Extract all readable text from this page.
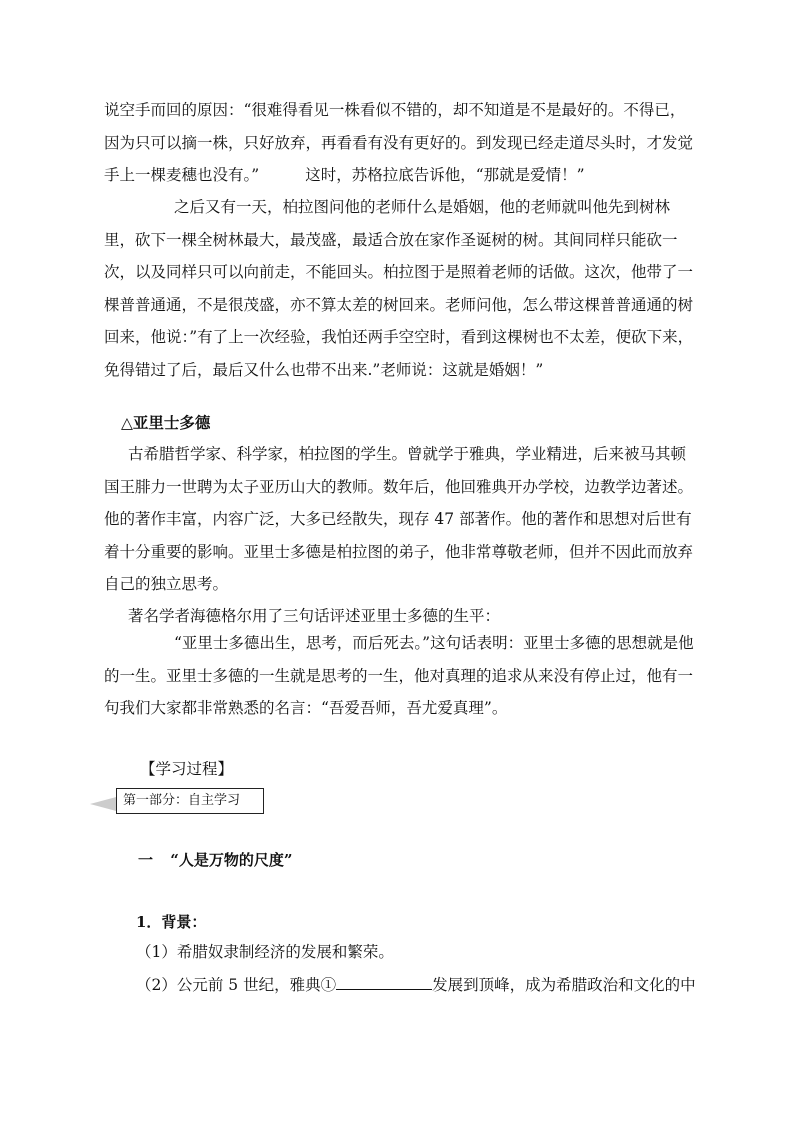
说空手而回的原因：“很难得看见一株看似不错的，却不知道是不是最好的。不得已，因为只可以摘一株，只好放弃，再看看有没有更好的。到发现已经走道尽头时，才发觉手上一棵麦穗也没有。”	这时，苏格拉底告诉他，“那就是爱情！”

之后又有一天，柏拉图问他的老师什么是婚姻，他的老师就叫他先到树林里，砍下一棵全树林最大，最茂盛，最适合放在家作圣诞树的树。其间同样只能砍一次，以及同样只可以向前走，不能回头。柏拉图于是照着老师的话做。这次，他带了一棵普普通通，不是很茂盛，亦不算太差的树回来。老师问他，怎么带这棵普普通通的树回来，他说：”有了上一次经验，我怕还两手空空时，看到这棵树也不太差，便砍下来，免得错过了后，最后又什么也带不出来.”老师说：这就是婚姻！”

△亚里士多德

古希腊哲学家、科学家，柏拉图的学生。曾就学于雅典，学业精进，后来被马其顿国王腓力一世聘为太子亚历山大的教师。数年后，他回雅典开办学校，边教学边著述。他的著作丰富，内容广泛，大多已经散失，现存 47 部著作。他的著作和思想对后世有着十分重要的影响。亚里士多德是柏拉图的弟子，他非常尊敬老师，但并不因此而放弃自己的独立思考。

著名学者海德格尔用了三句话评述亚里士多德的生平：

“亚里士多德出生，思考，而后死去。”这句话表明：亚里士多德的思想就是他的一生。亚里士多德的一生就是思考的一生，他对真理的追求从来没有停止过，他有一句我们大家都非常熟悉的名言：“吾爱吾师，吾尤爱真理”。

【学习过程】

第一部分：自主学习

一 “人是万物的尺度”

1．背景：

（1）希腊奴隶制经济的发展和繁荣。

（2）公元前 5 世纪，雅典①	发展到顶峰，成为希腊政治和文化的中
